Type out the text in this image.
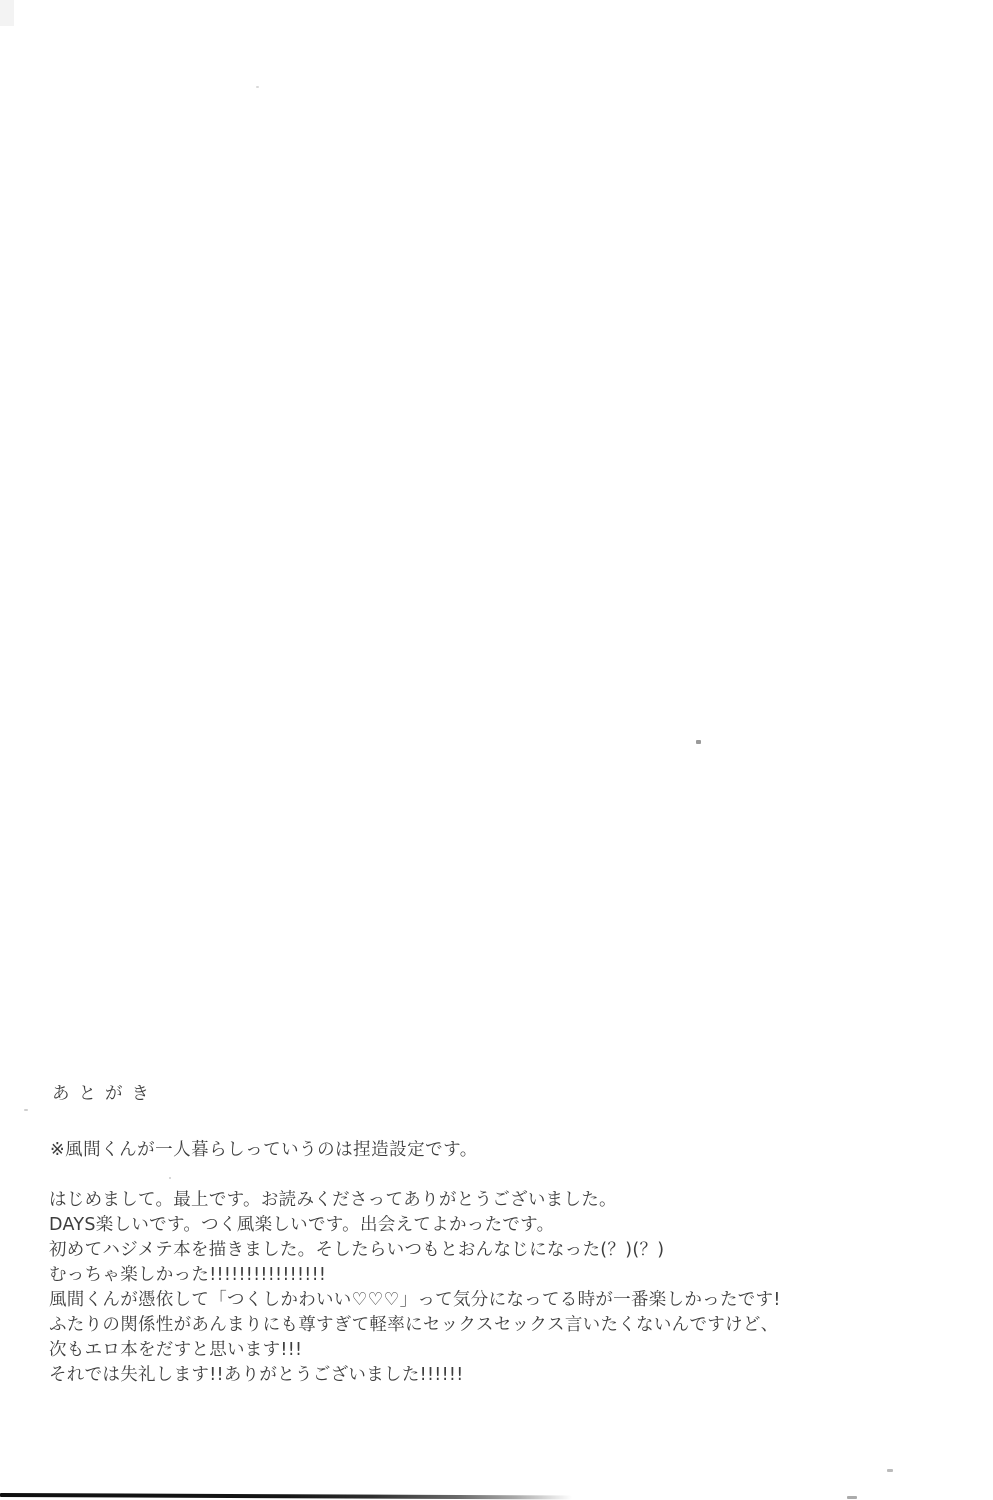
あとがき
※風間くんが一人暮らしっていうのは捏造設定です。
はじめまして。最上です。お読みくださってありがとうございました。
DAYS楽しいです。つく風楽しいです。出会えてよかったです。
初めてハジメテ本を描きました。そしたらいつもとおんなじになった(？)(？)
むっちゃ楽しかった!!!!!!!!!!!!!!!!
風間くんが憑依して「つくしかわいい♡♡♡」って気分になってる時が一番楽しかったです!
ふたりの関係性があんまりにも尊すぎて軽率にセックスセックス言いたくないんですけど、
次もエロ本をだすと思います!!!
それでは失礼します!!ありがとうございました!!!!!!
